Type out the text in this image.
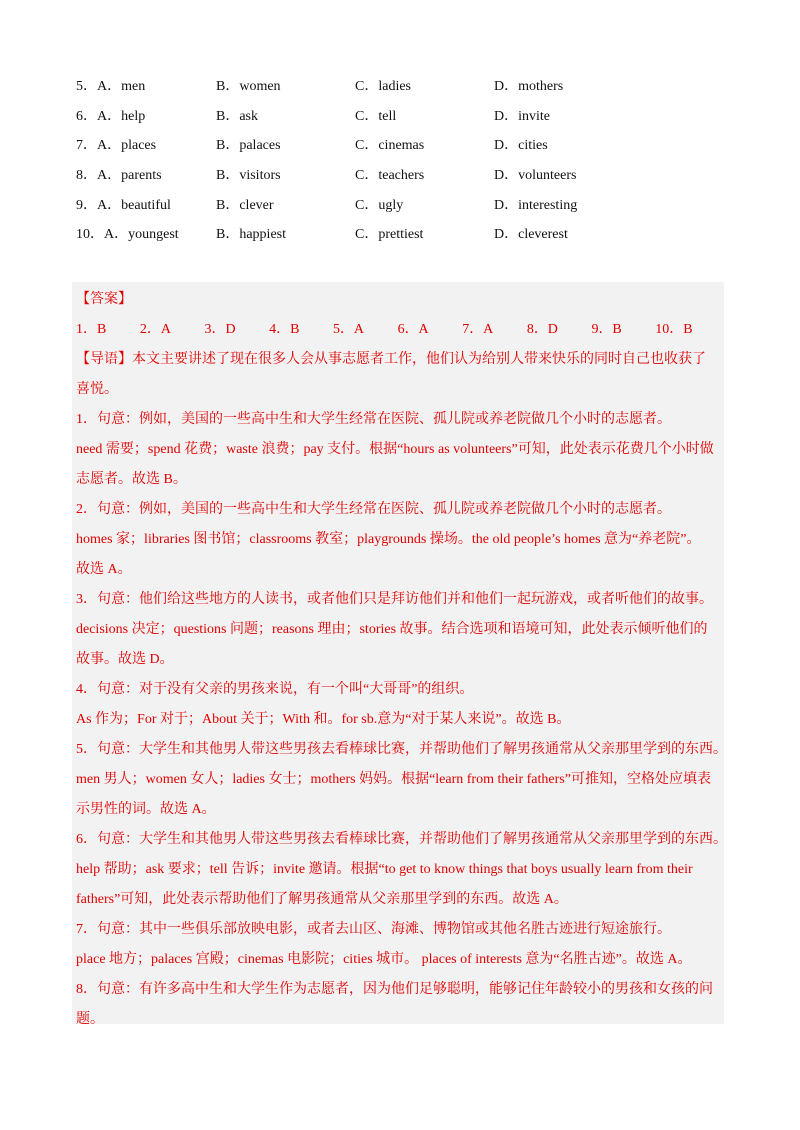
5．A．men	B．women	C．ladies	D．mothers
6．A．help	B．ask	C．tell	D．invite
7．A．places	B．palaces	C．cinemas	D．cities
8．A．parents	B．visitors	C．teachers	D．volunteers
9．A．beautiful	B．clever	C．ugly	D．interesting
10．A．youngest	B．happiest	C．prettiest	D．cleverest
【答案】
1．B 2．A 3．D 4．B 5．A 6．A 7．A 8．D 9．B 10．B
【导语】本文主要讲述了现在很多人会从事志愿者工作，他们认为给别人带来快乐的同时自己也收获了
喜悦。
1．句意：例如，美国的一些高中生和大学生经常在医院、孤儿院或养老院做几个小时的志愿者。
need 需要；spend 花费；waste 浪费；pay 支付。根据“hours as volunteers”可知，此处表示花费几个小时做
志愿者。故选 B。
2．句意：例如，美国的一些高中生和大学生经常在医院、孤儿院或养老院做几个小时的志愿者。
homes 家；libraries 图书馆；classrooms 教室；playgrounds 操场。the old people’s homes 意为“养老院”。
故选 A。
3．句意：他们给这些地方的人读书，或者他们只是拜访他们并和他们一起玩游戏，或者听他们的故事。
decisions 决定；questions 问题；reasons 理由；stories 故事。结合选项和语境可知，此处表示倾听他们的
故事。故选 D。
4．句意：对于没有父亲的男孩来说，有一个叫“大哥哥”的组织。
As 作为；For 对于；About 关于；With 和。for sb.意为“对于某人来说”。故选 B。
5．句意：大学生和其他男人带这些男孩去看棒球比赛，并帮助他们了解男孩通常从父亲那里学到的东西。
men 男人；women 女人；ladies 女士；mothers 妈妈。根据“learn from their fathers”可推知，空格处应填表
示男性的词。故选 A。
6．句意：大学生和其他男人带这些男孩去看棒球比赛，并帮助他们了解男孩通常从父亲那里学到的东西。
help 帮助；ask 要求；tell 告诉；invite 邀请。根据“to get to know things that boys usually learn from their
fathers”可知，此处表示帮助他们了解男孩通常从父亲那里学到的东西。故选 A。
7．句意：其中一些俱乐部放映电影，或者去山区、海滩、博物馆或其他名胜古迹进行短途旅行。
place 地方；palaces 宫殿；cinemas 电影院；cities 城市。 places of interests 意为“名胜古迹”。故选 A。
8．句意：有许多高中生和大学生作为志愿者，因为他们足够聪明，能够记住年龄较小的男孩和女孩的问
题。
